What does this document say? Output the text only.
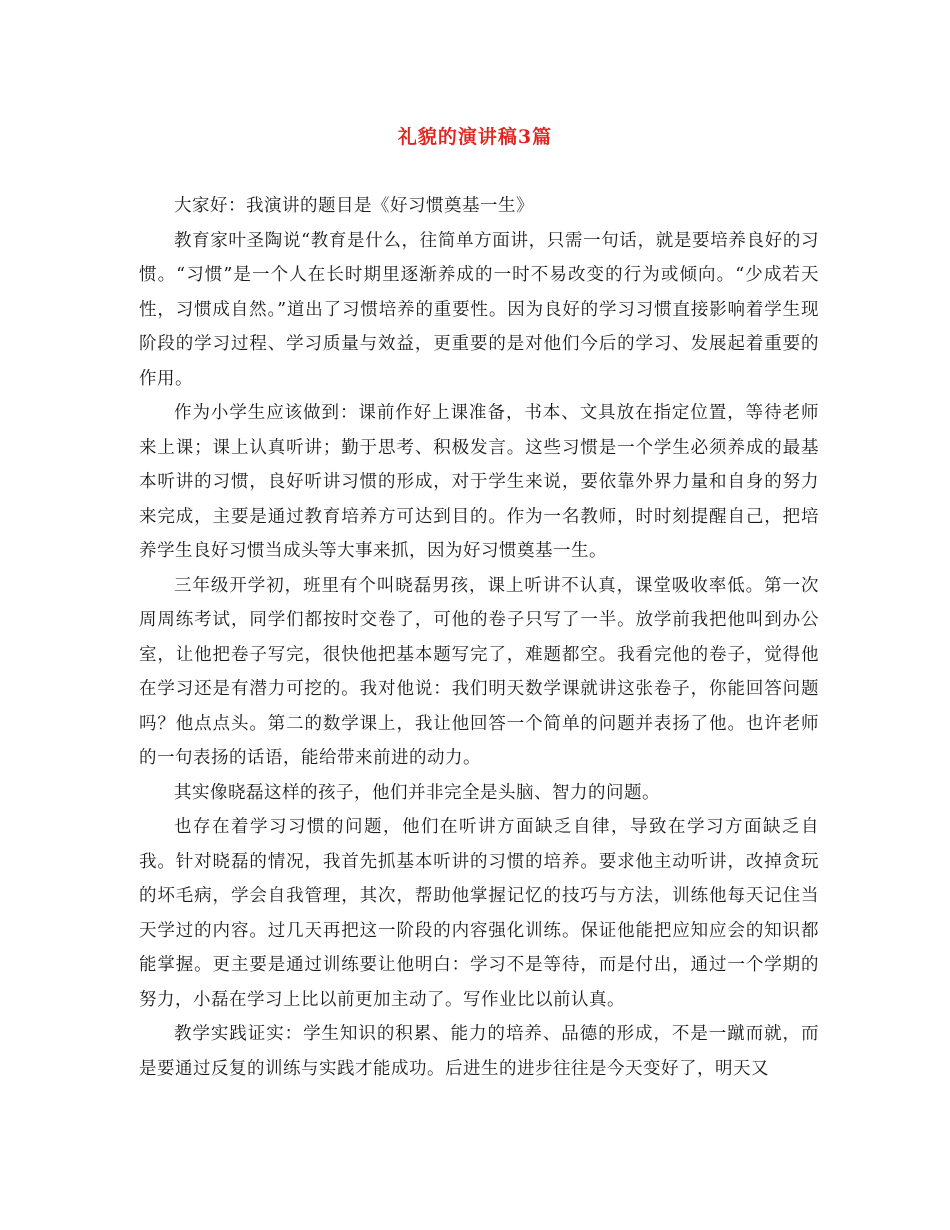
礼貌的演讲稿3篇

大家好：我演讲的题目是《好习惯奠基一生》

教育家叶圣陶说“教育是什么，往简单方面讲，只需一句话，就是要培养良好的习惯。“习惯”是一个人在长时期里逐渐养成的一时不易改变的行为或倾向。“少成若天性，习惯成自然。”道出了习惯培养的重要性。因为良好的学习习惯直接影响着学生现阶段的学习过程、学习质量与效益，更重要的是对他们今后的学习、发展起着重要的作用。

作为小学生应该做到：课前作好上课准备，书本、文具放在指定位置，等待老师来上课；课上认真听讲；勤于思考、积极发言。这些习惯是一个学生必须养成的最基本听讲的习惯，良好听讲习惯的形成，对于学生来说，要依靠外界力量和自身的努力来完成，主要是通过教育培养方可达到目的。作为一名教师，时时刻提醒自己，把培养学生良好习惯当成头等大事来抓，因为好习惯奠基一生。

三年级开学初，班里有个叫晓磊男孩，课上听讲不认真，课堂吸收率低。第一次周周练考试，同学们都按时交卷了，可他的卷子只写了一半。放学前我把他叫到办公室，让他把卷子写完，很快他把基本题写完了，难题都空。我看完他的卷子，觉得他在学习还是有潜力可挖的。我对他说：我们明天数学课就讲这张卷子，你能回答问题吗？他点点头。第二的数学课上，我让他回答一个简单的问题并表扬了他。也许老师的一句表扬的话语，能给带来前进的动力。

其实像晓磊这样的孩子，他们并非完全是头脑、智力的问题。

也存在着学习习惯的问题，他们在听讲方面缺乏自律，导致在学习方面缺乏自我。针对晓磊的情况，我首先抓基本听讲的习惯的培养。要求他主动听讲，改掉贪玩的坏毛病，学会自我管理，其次，帮助他掌握记忆的技巧与方法，训练他每天记住当天学过的内容。过几天再把这一阶段的内容强化训练。保证他能把应知应会的知识都能掌握。更主要是通过训练要让他明白：学习不是等待，而是付出，通过一个学期的努力，小磊在学习上比以前更加主动了。写作业比以前认真。

教学实践证实：学生知识的积累、能力的培养、品德的形成，不是一蹴而就，而是要通过反复的训练与实践才能成功。后进生的进步往往是今天变好了，明天又
